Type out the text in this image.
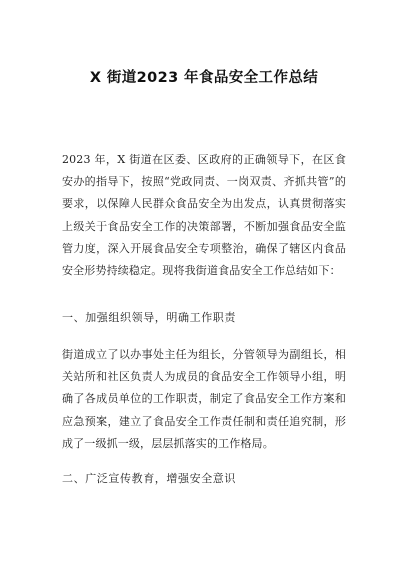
X 街道2023 年食品安全工作总结

2023 年，X 街道在区委、区政府的正确领导下，在区食安办的指导下，按照“党政同责、一岗双责、齐抓共管”的要求，以保障人民群众食品安全为出发点，认真贯彻落实上级关于食品安全工作的决策部署，不断加强食品安全监管力度，深入开展食品安全专项整治，确保了辖区内食品安全形势持续稳定。现将我街道食品安全工作总结如下：

一、加强组织领导，明确工作职责

街道成立了以办事处主任为组长，分管领导为副组长，相关站所和社区负责人为成员的食品安全工作领导小组，明确了各成员单位的工作职责，制定了食品安全工作方案和应急预案，建立了食品安全工作责任制和责任追究制，形成了一级抓一级，层层抓落实的工作格局。

二、广泛宣传教育，增强安全意识
